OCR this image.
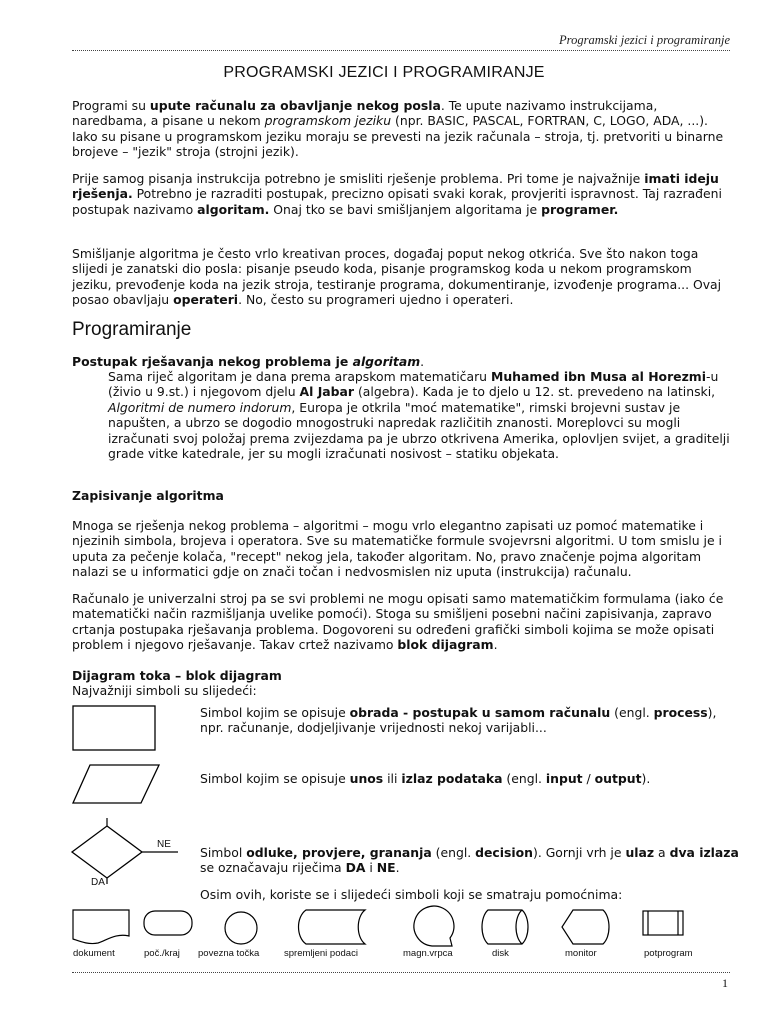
Programski jezici i programiranje
PROGRAMSKI JEZICI I PROGRAMIRANJE
Programi su upute računalu za obavljanje nekog posla. Te upute nazivamo instrukcijama, naredbama, a pisane u nekom programskom jeziku (npr. BASIC, PASCAL, FORTRAN, C, LOGO, ADA, ...). Iako su pisane u programskom jeziku moraju se prevesti na jezik računala – stroja, tj. pretvoriti u binarne brojeve – "jezik" stroja (strojni jezik).
Prije samog pisanja instrukcija potrebno je smisliti rješenje problema. Pri tome je najvažnije imati ideju rješenja. Potrebno je razraditi postupak, precizno opisati svaki korak, provjeriti ispravnost. Taj razrađeni postupak nazivamo algoritam. Onaj tko se bavi smišljanjem algoritama je programer.
Smišljanje algoritma je često vrlo kreativan proces, događaj poput nekog otkrića. Sve što nakon toga slijedi je zanatski dio posla: pisanje pseudo koda, pisanje programskog koda u nekom programskom jeziku, prevođenje koda na jezik stroja, testiranje programa, dokumentiranje, izvođenje programa... Ovaj posao obavljaju operateri. No, često su programeri ujedno i operateri.
Programiranje
Postupak rješavanja nekog problema je algoritam.
Sama riječ algoritam je dana prema arapskom matematičaru Muhamed ibn Musa al Horezmi-u (živio u 9.st.) i njegovom djelu Al Jabar (algebra). Kada je to djelo u 12. st. prevedeno na latinski, Algoritmi de numero indorum, Europa je otkrila "moć matematike", rimski brojevni sustav je napušten, a ubrzo se dogodio mnogostruki napredak različitih znanosti. Moreplovci su mogli izračunati svoj položaj prema zvijezdama pa je ubrzo otkrivena Amerika, oplovljen svijet, a graditelji grade vitke katedrale, jer su mogli izračunati nosivost – statiku objekata.
Zapisivanje algoritma
Mnoga se rješenja nekog problema – algoritmi – mogu vrlo elegantno zapisati uz pomoć matematike i njezinih simbola, brojeva i operatora. Sve su matematičke formule svojevrsni algoritmi. U tom smislu je i uputa za pečenje kolača, "recept" nekog jela, također algoritam. No, pravo značenje pojma algoritam nalazi se u informatici gdje on znači točan i nedvosmislen niz uputa (instrukcija) računalu.
Računalo je univerzalni stroj pa se svi problemi ne mogu opisati samo matematičkim formulama (iako će matematički način razmišljanja uvelike pomoći). Stoga su smišljeni posebni načini zapisivanja, zapravo crtanja postupaka rješavanja problema. Dogovoreni su određeni grafički simboli kojima se može opisati problem i njegovo rješavanje. Takav crtež nazivamo blok dijagram.
Dijagram toka – blok dijagram
Najvažniji simboli su slijedeći:
Simbol kojim se opisuje obrada - postupak u samom računalu (engl. process), npr. računanje, dodjeljivanje vrijednosti nekoj varijabli...
Simbol kojim se opisuje unos ili izlaz podataka (engl. input / output).
NE
DA
Simbol odluke, provjere, grananja (engl. decision). Gornji vrh je ulaz a dva izlaza se označavaju riječima DA i NE.
Osim ovih, koriste se i slijedeći simboli koji se smatraju pomoćnima:
dokument	poč./kraj povezna točka	spremljeni podaci	magn.vrpca	disk	monitor	potprogram
1
